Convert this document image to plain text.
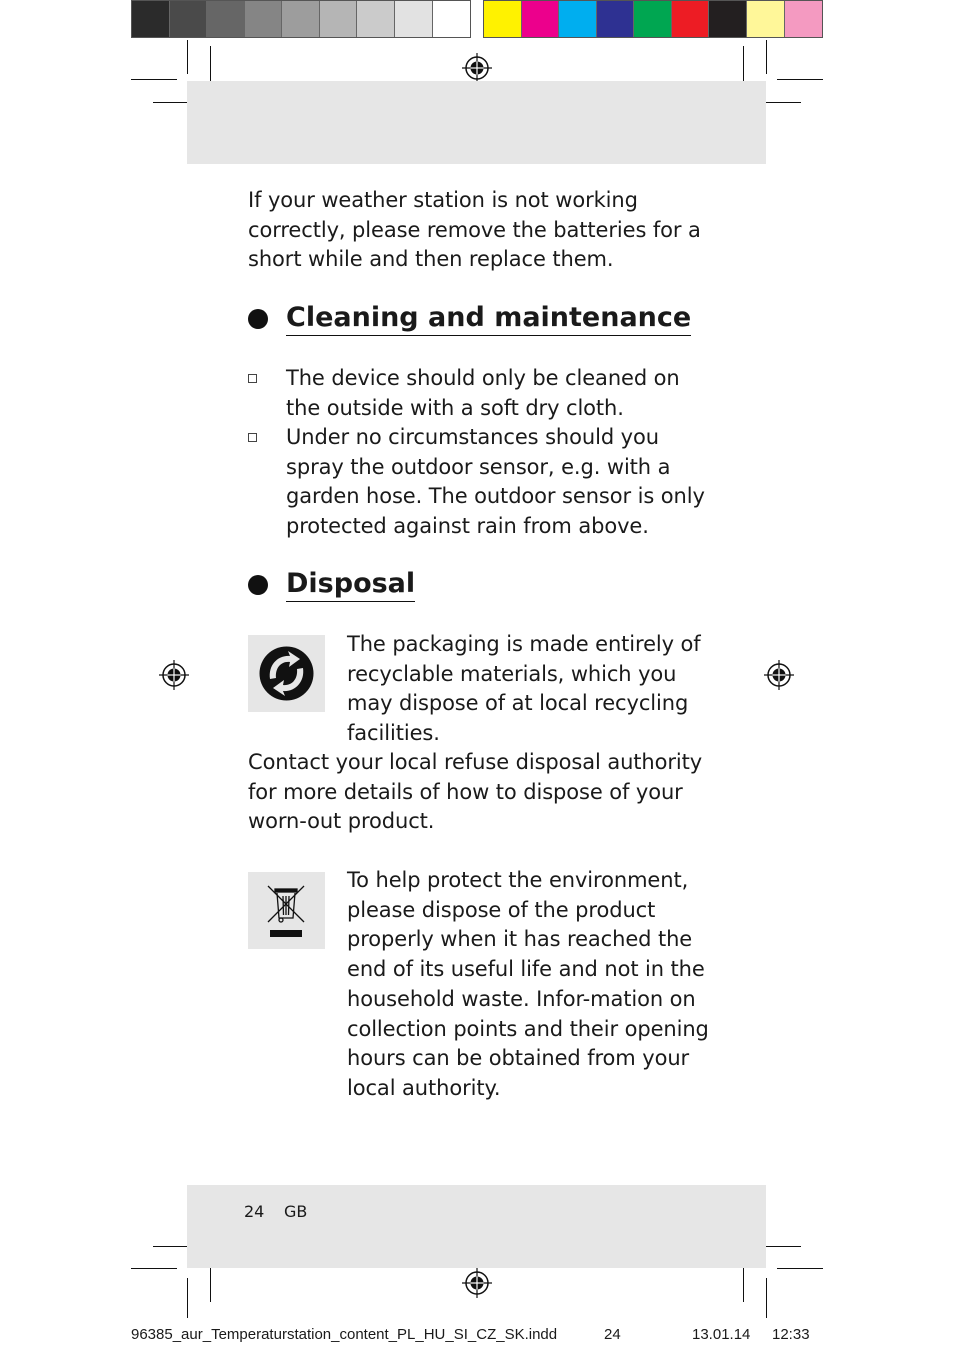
If your weather station is not working correctly, please remove the batteries for a short while and then replace them.
Cleaning and maintenance
The device should only be cleaned on the outside with a soft dry cloth.
Under no circumstances should you spray the outdoor sensor, e.g. with a garden hose. The outdoor sensor is only protected against rain from above.
Disposal
The packaging is made entirely of recyclable materials, which you may dispose of at local recycling facilities.
Contact your local refuse disposal authority for more details of how to dispose of your worn-out product.
To help protect the environment, please dispose of the product properly when it has reached the end of its useful life and not in the household waste. Infor-mation on collection points and their opening hours can be obtained from your local authority.
24 GB
96385_aur_Temperaturstation_content_PL_HU_SI_CZ_SK.indd	24	13.01.14 12:33
